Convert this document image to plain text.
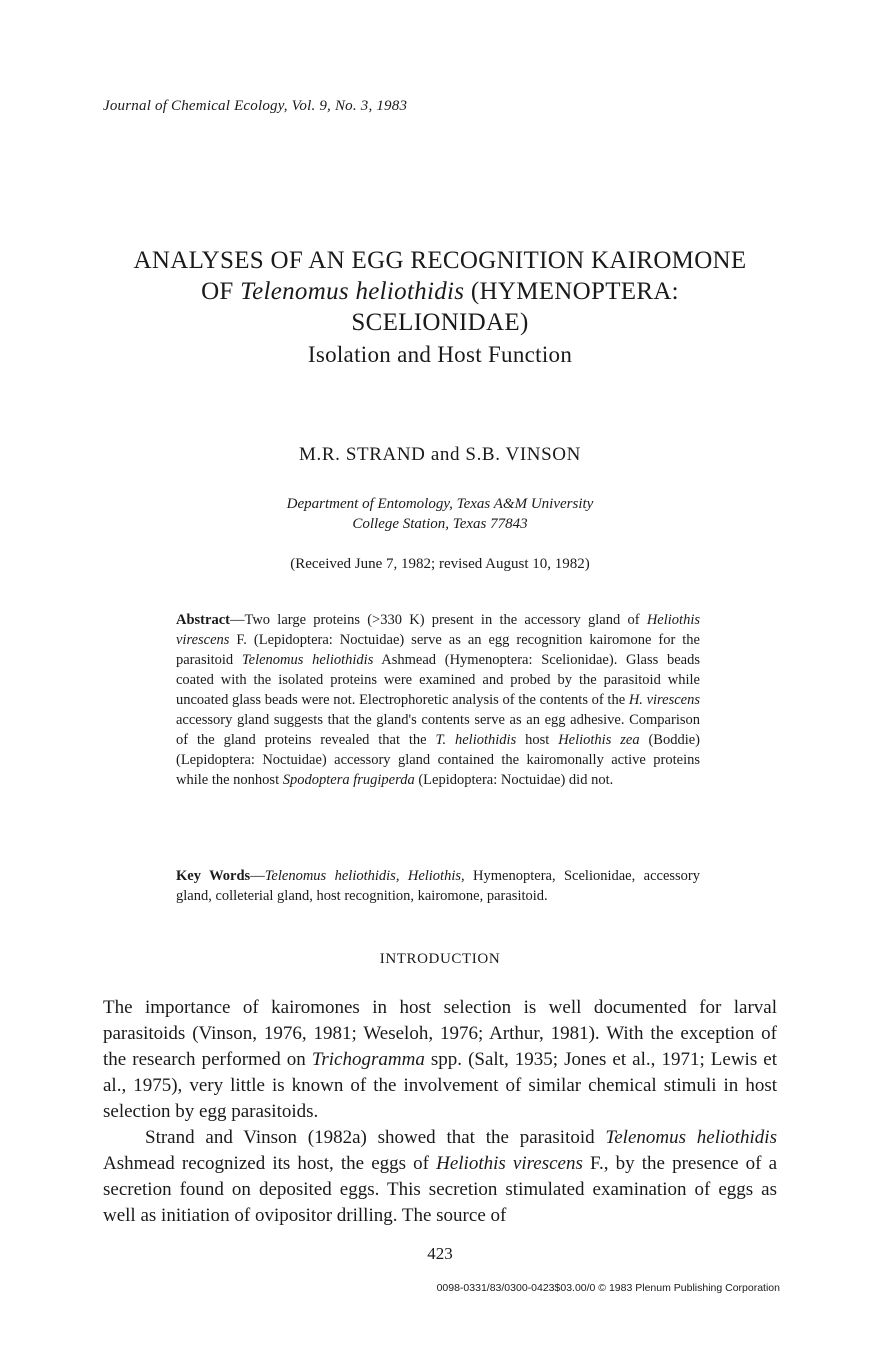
Journal of Chemical Ecology, Vol. 9, No. 3, 1983
ANALYSES OF AN EGG RECOGNITION KAIROMONE
OF Telenomus heliothidis (HYMENOPTERA:
SCELIONIDAE)
Isolation and Host Function
M.R. STRAND and S.B. VINSON
Department of Entomology, Texas A&M University
College Station, Texas 77843
(Received June 7, 1982; revised August 10, 1982)
Abstract—Two large proteins (>330 K) present in the accessory gland of Heliothis virescens F. (Lepidoptera: Noctuidae) serve as an egg recognition kairomone for the parasitoid Telenomus heliothidis Ashmead (Hymenoptera: Scelionidae). Glass beads coated with the isolated proteins were examined and probed by the parasitoid while uncoated glass beads were not. Electrophoretic analysis of the contents of the H. virescens accessory gland suggests that the gland's contents serve as an egg adhesive. Comparison of the gland proteins revealed that the T. heliothidis host Heliothis zea (Boddie) (Lepidoptera: Noctuidae) accessory gland contained the kairomonally active proteins while the nonhost Spodoptera frugiperda (Lepidoptera: Noctuidae) did not.
Key Words—Telenomus heliothidis, Heliothis, Hymenoptera, Scelionidae, accessory gland, colleterial gland, host recognition, kairomone, parasitoid.
INTRODUCTION

The importance of kairomones in host selection is well documented for larval parasitoids (Vinson, 1976, 1981; Weseloh, 1976; Arthur, 1981). With the exception of the research performed on Trichogramma spp. (Salt, 1935; Jones et al., 1971; Lewis et al., 1975), very little is known of the involvement of similar chemical stimuli in host selection by egg parasitoids.

Strand and Vinson (1982a) showed that the parasitoid Telenomus heliothidis Ashmead recognized its host, the eggs of Heliothis virescens F., by the presence of a secretion found on deposited eggs. This secretion stimulated examination of eggs as well as initiation of ovipositor drilling. The source of

423
0098-0331/83/0300-0423$03.00/0 © 1983 Plenum Publishing Corporation
